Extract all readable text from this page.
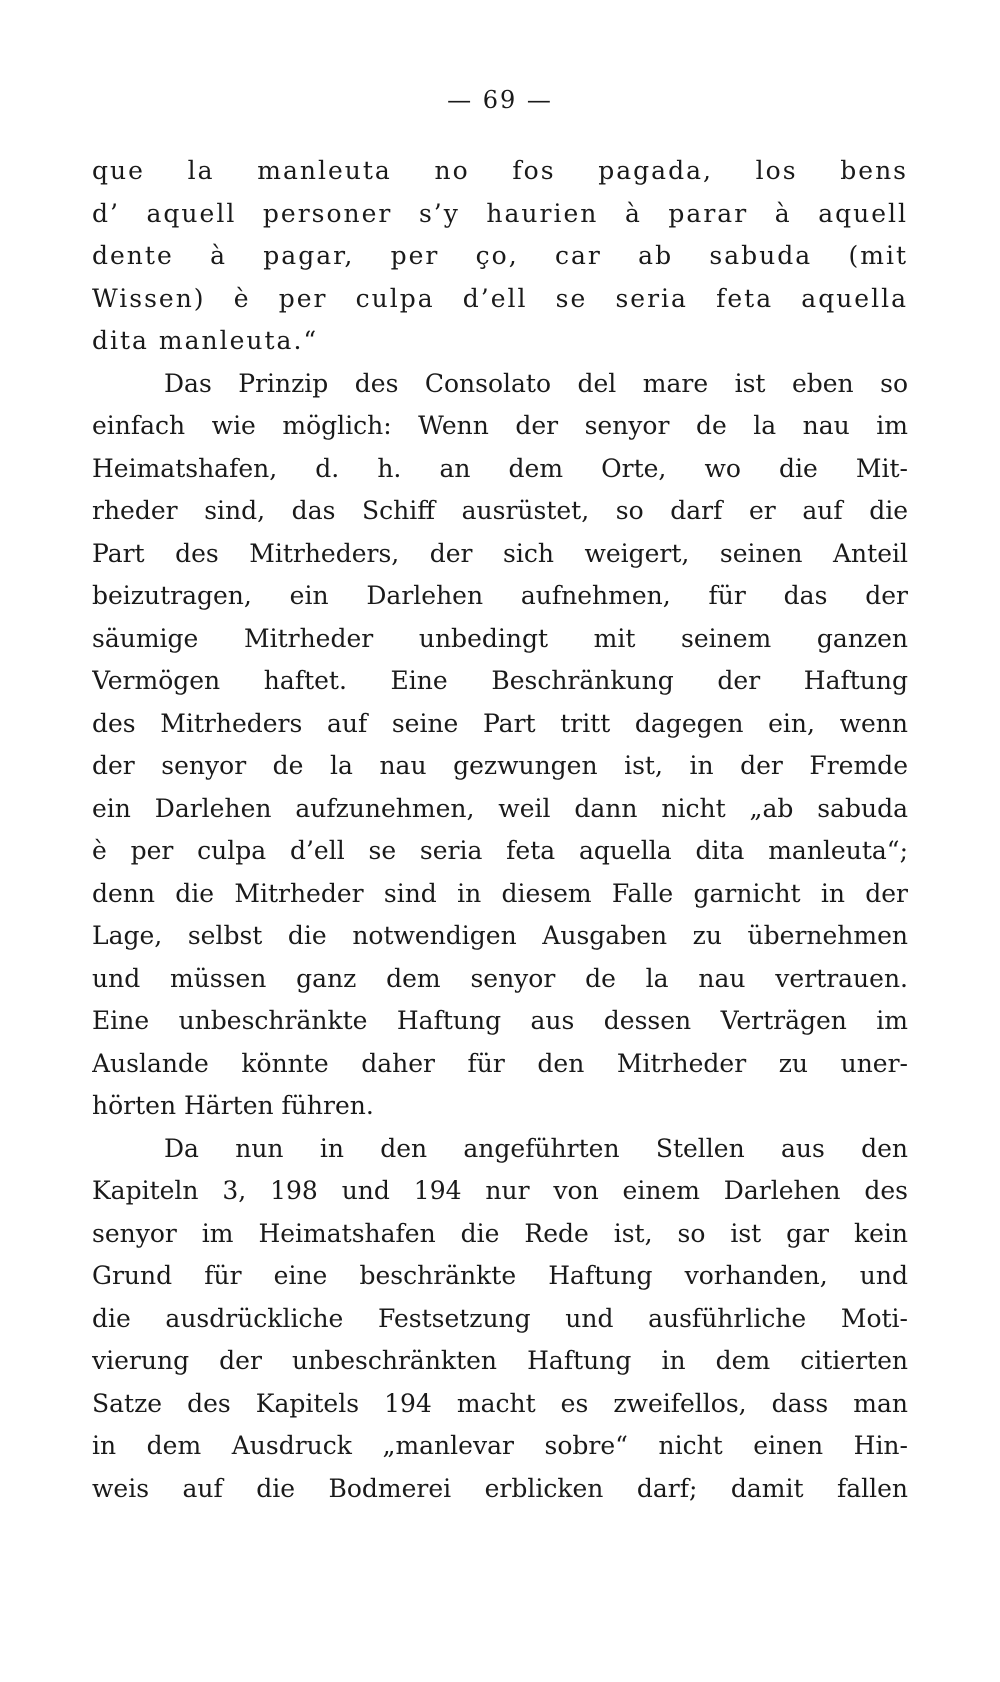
— 69 —
que la manleuta no fos pagada, los bens
d’ aquell personer s’y haurien à parar à aquell
dente à pagar, per ço, car ab sabuda (mit
Wissen) è per culpa d’ell se seria feta aquella
dita manleuta.“
Das Prinzip des Consolato del mare ist eben so
einfach wie möglich: Wenn der senyor de la nau im
Heimatshafen, d. h. an dem Orte, wo die Mit-
rheder sind, das Schiff ausrüstet, so darf er auf die
Part des Mitrheders, der sich weigert, seinen Anteil
beizutragen, ein Darlehen aufnehmen, für das der
säumige Mitrheder unbedingt mit seinem ganzen
Vermögen haftet. Eine Beschränkung der Haftung
des Mitrheders auf seine Part tritt dagegen ein, wenn
der senyor de la nau gezwungen ist, in der Fremde
ein Darlehen aufzunehmen, weil dann nicht „ab sabuda
è per culpa d’ell se seria feta aquella dita manleuta“;
denn die Mitrheder sind in diesem Falle garnicht in der
Lage, selbst die notwendigen Ausgaben zu übernehmen
und müssen ganz dem senyor de la nau vertrauen.
Eine unbeschränkte Haftung aus dessen Verträgen im
Auslande könnte daher für den Mitrheder zu uner-
hörten Härten führen.
Da nun in den angeführten Stellen aus den
Kapiteln 3, 198 und 194 nur von einem Darlehen des
senyor im Heimatshafen die Rede ist, so ist gar kein
Grund für eine beschränkte Haftung vorhanden, und
die ausdrückliche Festsetzung und ausführliche Moti-
vierung der unbeschränkten Haftung in dem citierten
Satze des Kapitels 194 macht es zweifellos, dass man
in dem Ausdruck „manlevar sobre“ nicht einen Hin-
weis auf die Bodmerei erblicken darf; damit fallen
